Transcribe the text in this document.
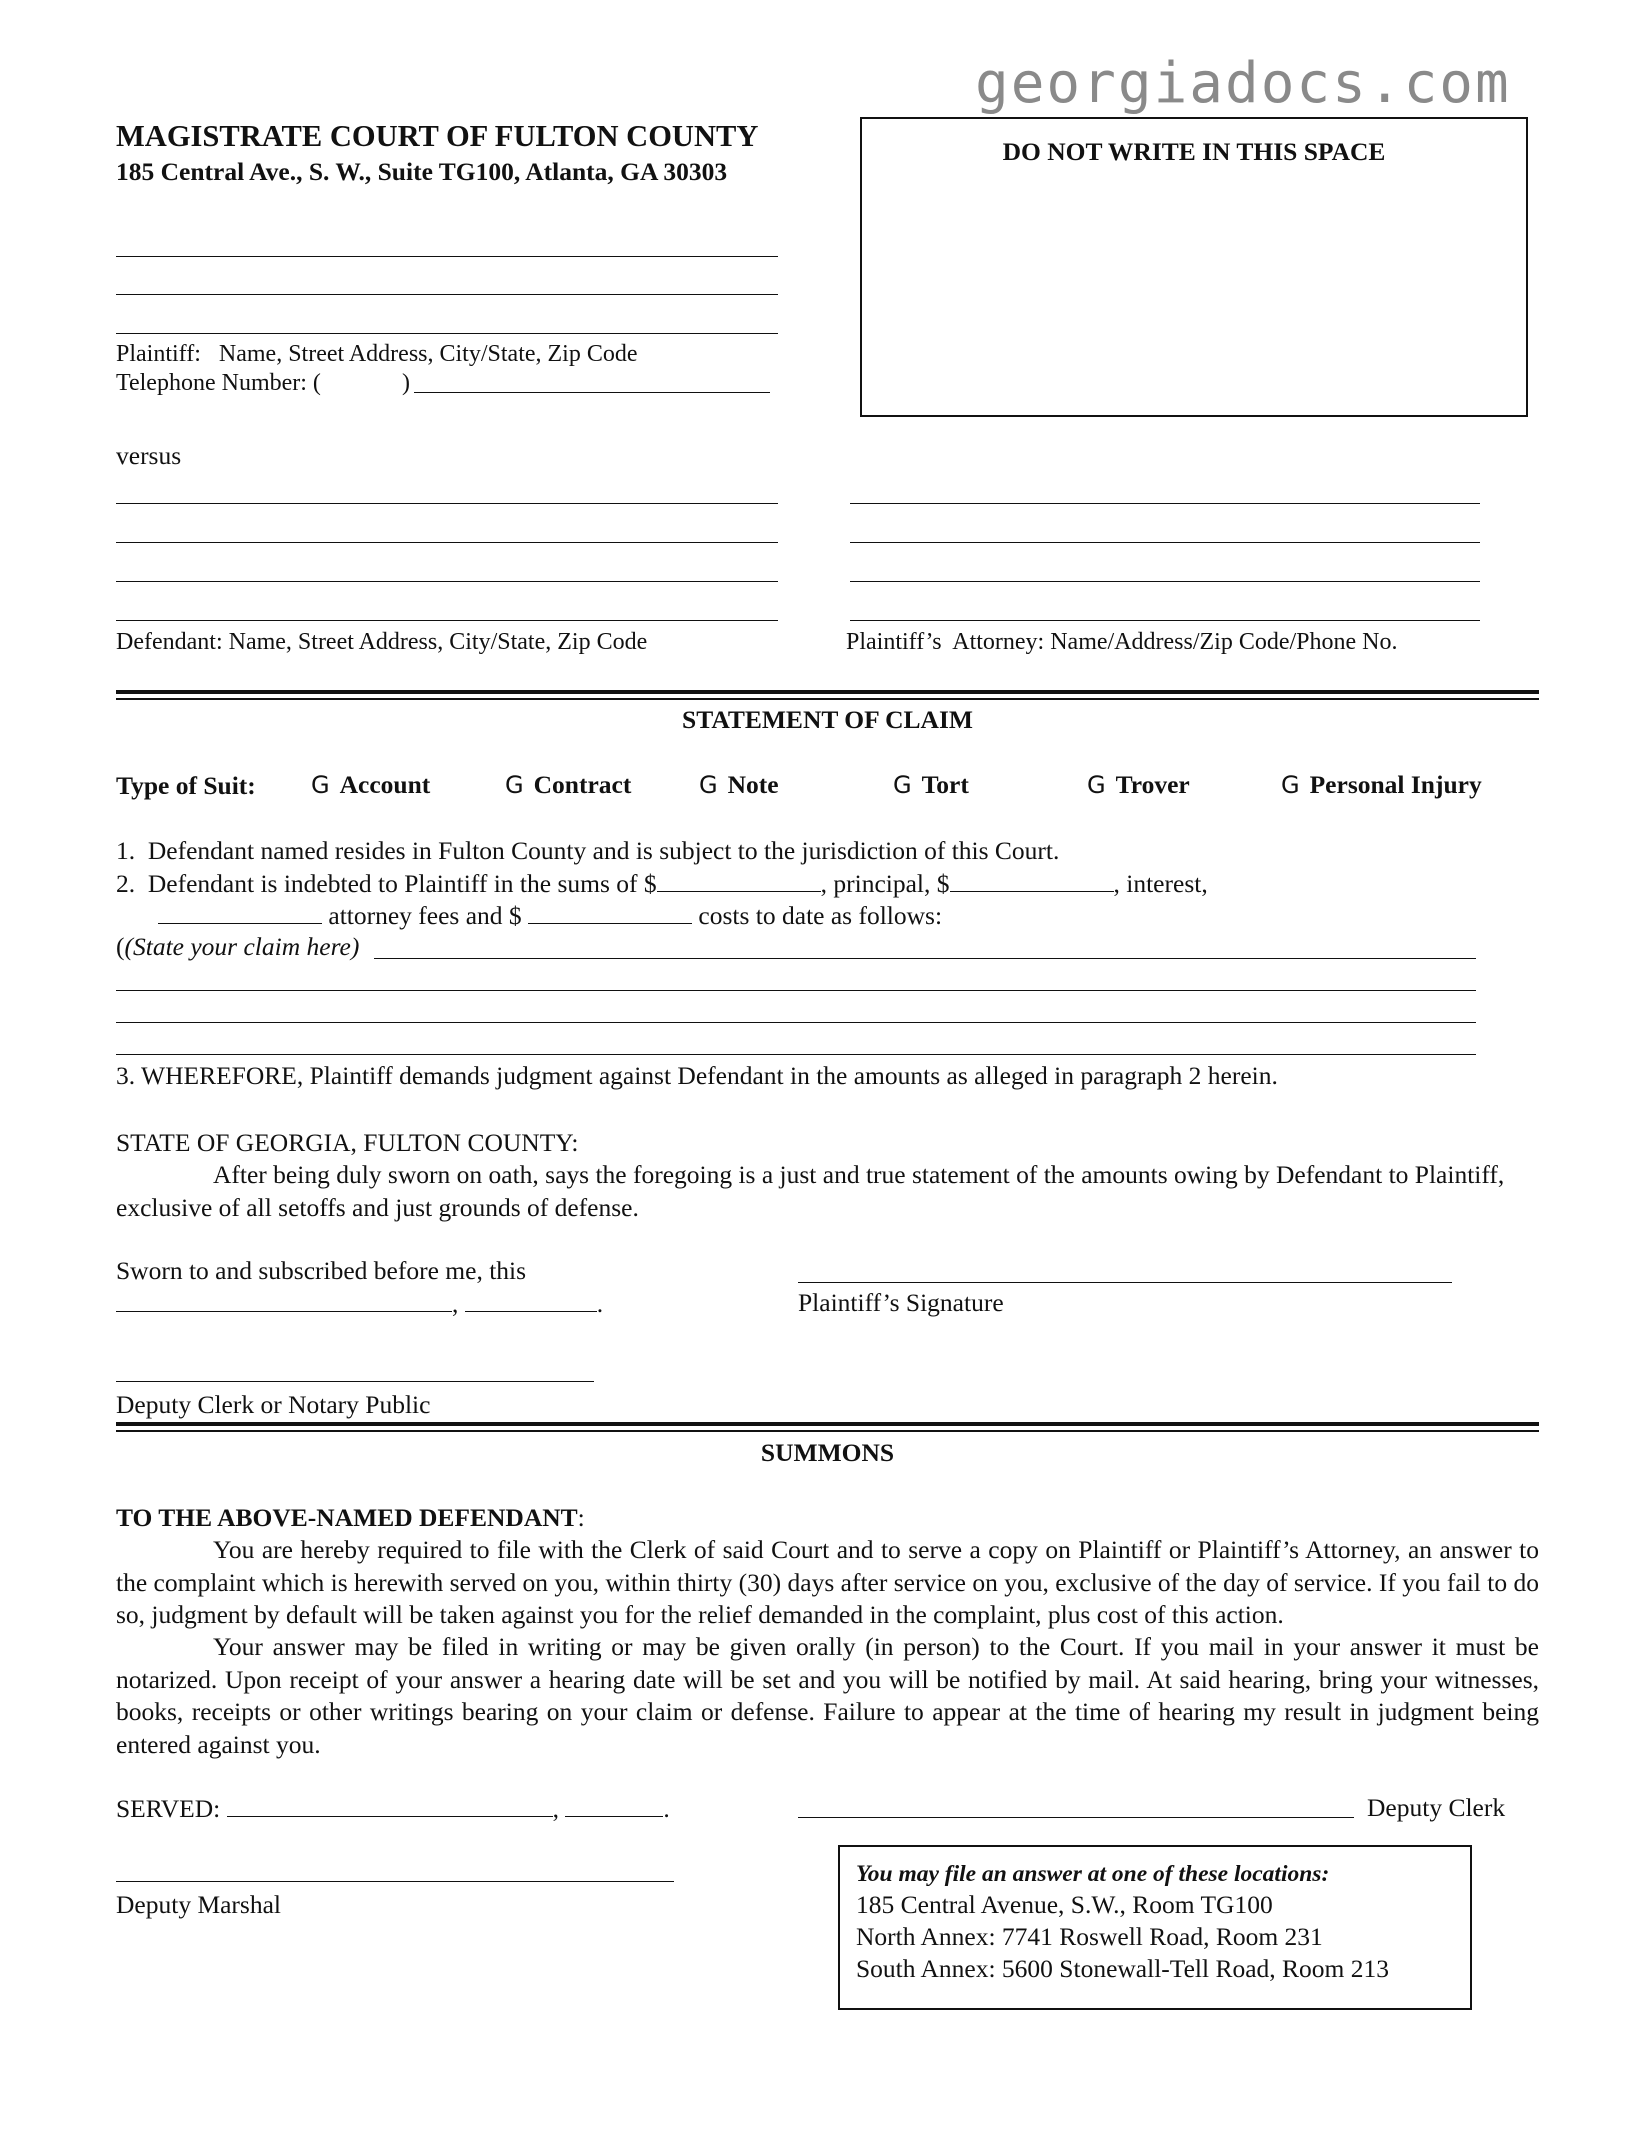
georgiadocs.com
MAGISTRATE COURT OF FULTON COUNTY
185 Central Ave., S. W., Suite TG100, Atlanta, GA 30303
DO NOT WRITE IN THIS SPACE
Plaintiff:   Name, Street Address, City/State, Zip Code
Telephone Number: (	)
versus
Defendant: Name, Street Address, City/State, Zip Code	Plaintiff’s  Attorney: Name/Address/Zip Code/Phone No.
STATEMENT OF CLAIM
Type of Suit: G Account	G Contract	G Note	G Tort	G Trover	G Personal Injury
1.  Defendant named resides in Fulton County and is subject to the jurisdiction of this Court.
2.  Defendant is indebted to Plaintiff in the sums of $	, principal, $	, interest,
attorney fees and $	costs to date as follows:
((State your claim here)
3. WHEREFORE, Plaintiff demands judgment against Defendant in the amounts as alleged in paragraph 2 herein.
STATE OF GEORGIA, FULTON COUNTY:
After being duly sworn on oath, says the foregoing is a just and true statement of the amounts owing by Defendant to Plaintiff, exclusive of all setoffs and just grounds of defense.
Sworn to and subscribed before me, this
,	.	Plaintiff’s Signature
Deputy Clerk or Notary Public
SUMMONS
TO THE ABOVE-NAMED DEFENDANT:
You are hereby required to file with the Clerk of said Court and to serve a copy on Plaintiff or Plaintiff’s Attorney, an answer to the complaint which is herewith served on you, within thirty (30) days after service on you, exclusive of the day of service. If you fail to do so, judgment by default will be taken against you for the relief demanded in the complaint, plus cost of this action.
Your answer may be filed in writing or may be given orally (in person) to the Court. If you mail in your answer it must be notarized. Upon receipt of your answer a hearing date will be set and you will be notified by mail. At said hearing, bring your witnesses, books, receipts or other writings bearing on your claim or defense. Failure to appear at the time of hearing my result in judgment being entered against you.
SERVED:	,	.	Deputy Clerk
Deputy Marshal
You may file an answer at one of these locations:
185 Central Avenue, S.W., Room TG100
North Annex: 7741 Roswell Road, Room 231
South Annex: 5600 Stonewall-Tell Road, Room 213
